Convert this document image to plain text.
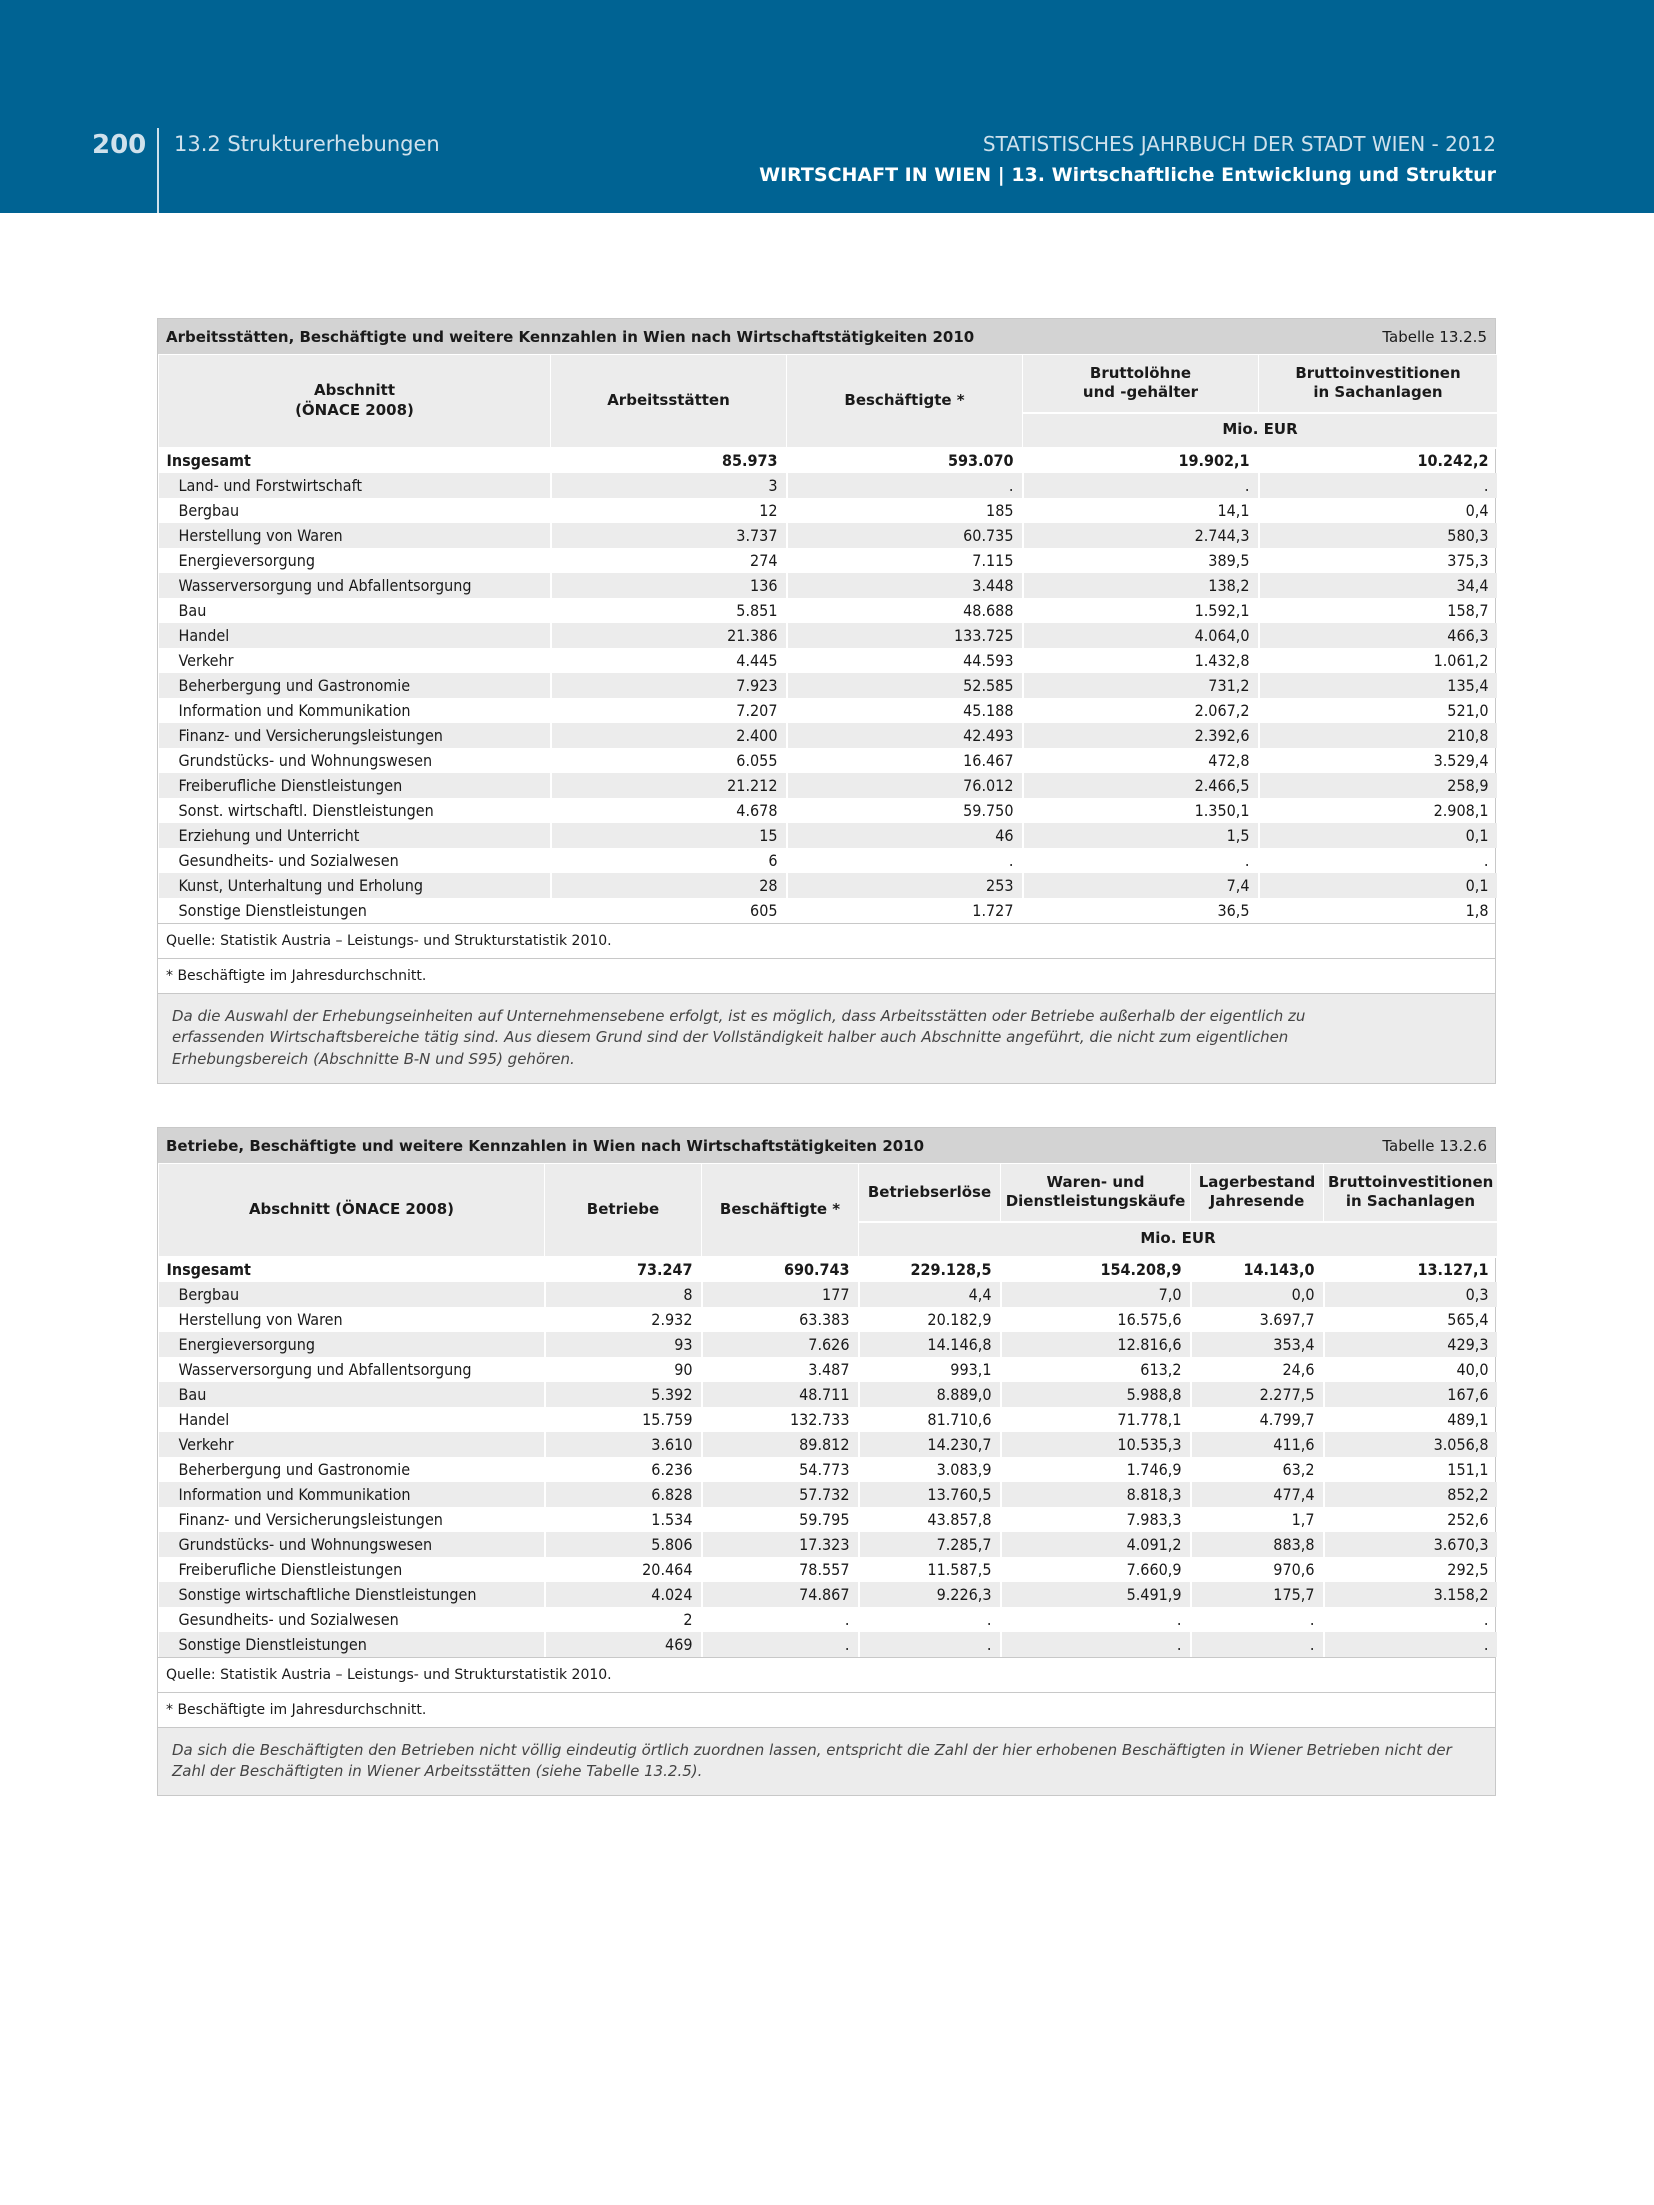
200 13.2 Strukturerhebungen	STATISTISCHES JAHRBUCH DER STADT WIEN - 2012
WIRTSCHAFT IN WIEN | 13. Wirtschaftliche Entwicklung und Struktur
Arbeitsstätten, Beschäftigte und weitere Kennzahlen in Wien nach Wirtschaftstätigkeiten 2010	Tabelle 13.2.5
Abschnitt
(ÖNACE 2008)	Arbeitsstätten	Beschäftigte *	Bruttolöhne
und -gehälter	Bruttoinvestitionen
in Sachanlagen
			Mio. EUR	
Insgesamt	85.973	593.070	19.902,1	10.242,2
Land- und Forstwirtschaft	3	.	.	.
Bergbau	12	185	14,1	0,4
Herstellung von Waren	3.737	60.735	2.744,3	580,3
Energieversorgung	274	7.115	389,5	375,3
Wasserversorgung und Abfallentsorgung	136	3.448	138,2	34,4
Bau	5.851	48.688	1.592,1	158,7
Handel	21.386	133.725	4.064,0	466,3
Verkehr	4.445	44.593	1.432,8	1.061,2
Beherbergung und Gastronomie	7.923	52.585	731,2	135,4
Information und Kommunikation	7.207	45.188	2.067,2	521,0
Finanz- und Versicherungsleistungen	2.400	42.493	2.392,6	210,8
Grundstücks- und Wohnungswesen	6.055	16.467	472,8	3.529,4
Freiberufliche Dienstleistungen	21.212	76.012	2.466,5	258,9
Sonst. wirtschaftl. Dienstleistungen	4.678	59.750	1.350,1	2.908,1
Erziehung und Unterricht	15	46	1,5	0,1
Gesundheits- und Sozialwesen	6	.	.	.
Kunst, Unterhaltung und Erholung	28	253	7,4	0,1
Sonstige Dienstleistungen	605	1.727	36,5	1,8
Quelle: Statistik Austria – Leistungs- und Strukturstatistik 2010.
* Beschäftigte im Jahresdurchschnitt.
Da die Auswahl der Erhebungseinheiten auf Unternehmensebene erfolgt, ist es möglich, dass Arbeitsstätten oder Betriebe außerhalb der eigentlich zu
erfassenden Wirtschaftsbereiche tätig sind. Aus diesem Grund sind der Vollständigkeit halber auch Abschnitte angeführt, die nicht zum eigentlichen
Erhebungsbereich (Abschnitte B-N und S95) gehören.
Betriebe, Beschäftigte und weitere Kennzahlen in Wien nach Wirtschaftstätigkeiten 2010	Tabelle 13.2.6
Abschnitt (ÖNACE 2008)	Betriebe	Beschäftigte *	Betriebserlöse	Waren- und
Dienstleistungskäufe	Lagerbestand
Jahresende	Bruttoinvestitionen
in Sachanlagen
			Mio. EUR			
Insgesamt	73.247	690.743	229.128,5	154.208,9	14.143,0	13.127,1
Bergbau	8	177	4,4	7,0	0,0	0,3
Herstellung von Waren	2.932	63.383	20.182,9	16.575,6	3.697,7	565,4
Energieversorgung	93	7.626	14.146,8	12.816,6	353,4	429,3
Wasserversorgung und Abfallentsorgung	90	3.487	993,1	613,2	24,6	40,0
Bau	5.392	48.711	8.889,0	5.988,8	2.277,5	167,6
Handel	15.759	132.733	81.710,6	71.778,1	4.799,7	489,1
Verkehr	3.610	89.812	14.230,7	10.535,3	411,6	3.056,8
Beherbergung und Gastronomie	6.236	54.773	3.083,9	1.746,9	63,2	151,1
Information und Kommunikation	6.828	57.732	13.760,5	8.818,3	477,4	852,2
Finanz- und Versicherungsleistungen	1.534	59.795	43.857,8	7.983,3	1,7	252,6
Grundstücks- und Wohnungswesen	5.806	17.323	7.285,7	4.091,2	883,8	3.670,3
Freiberufliche Dienstleistungen	20.464	78.557	11.587,5	7.660,9	970,6	292,5
Sonstige wirtschaftliche Dienstleistungen	4.024	74.867	9.226,3	5.491,9	175,7	3.158,2
Gesundheits- und Sozialwesen	2	.	.	.	.	.
Sonstige Dienstleistungen	469	.	.	.	.	.
Quelle: Statistik Austria – Leistungs- und Strukturstatistik 2010.
* Beschäftigte im Jahresdurchschnitt.
Da sich die Beschäftigten den Betrieben nicht völlig eindeutig örtlich zuordnen lassen, entspricht die Zahl der hier erhobenen Beschäftigten in Wiener Betrieben nicht der
Zahl der Beschäftigten in Wiener Arbeitsstätten (siehe Tabelle 13.2.5).
